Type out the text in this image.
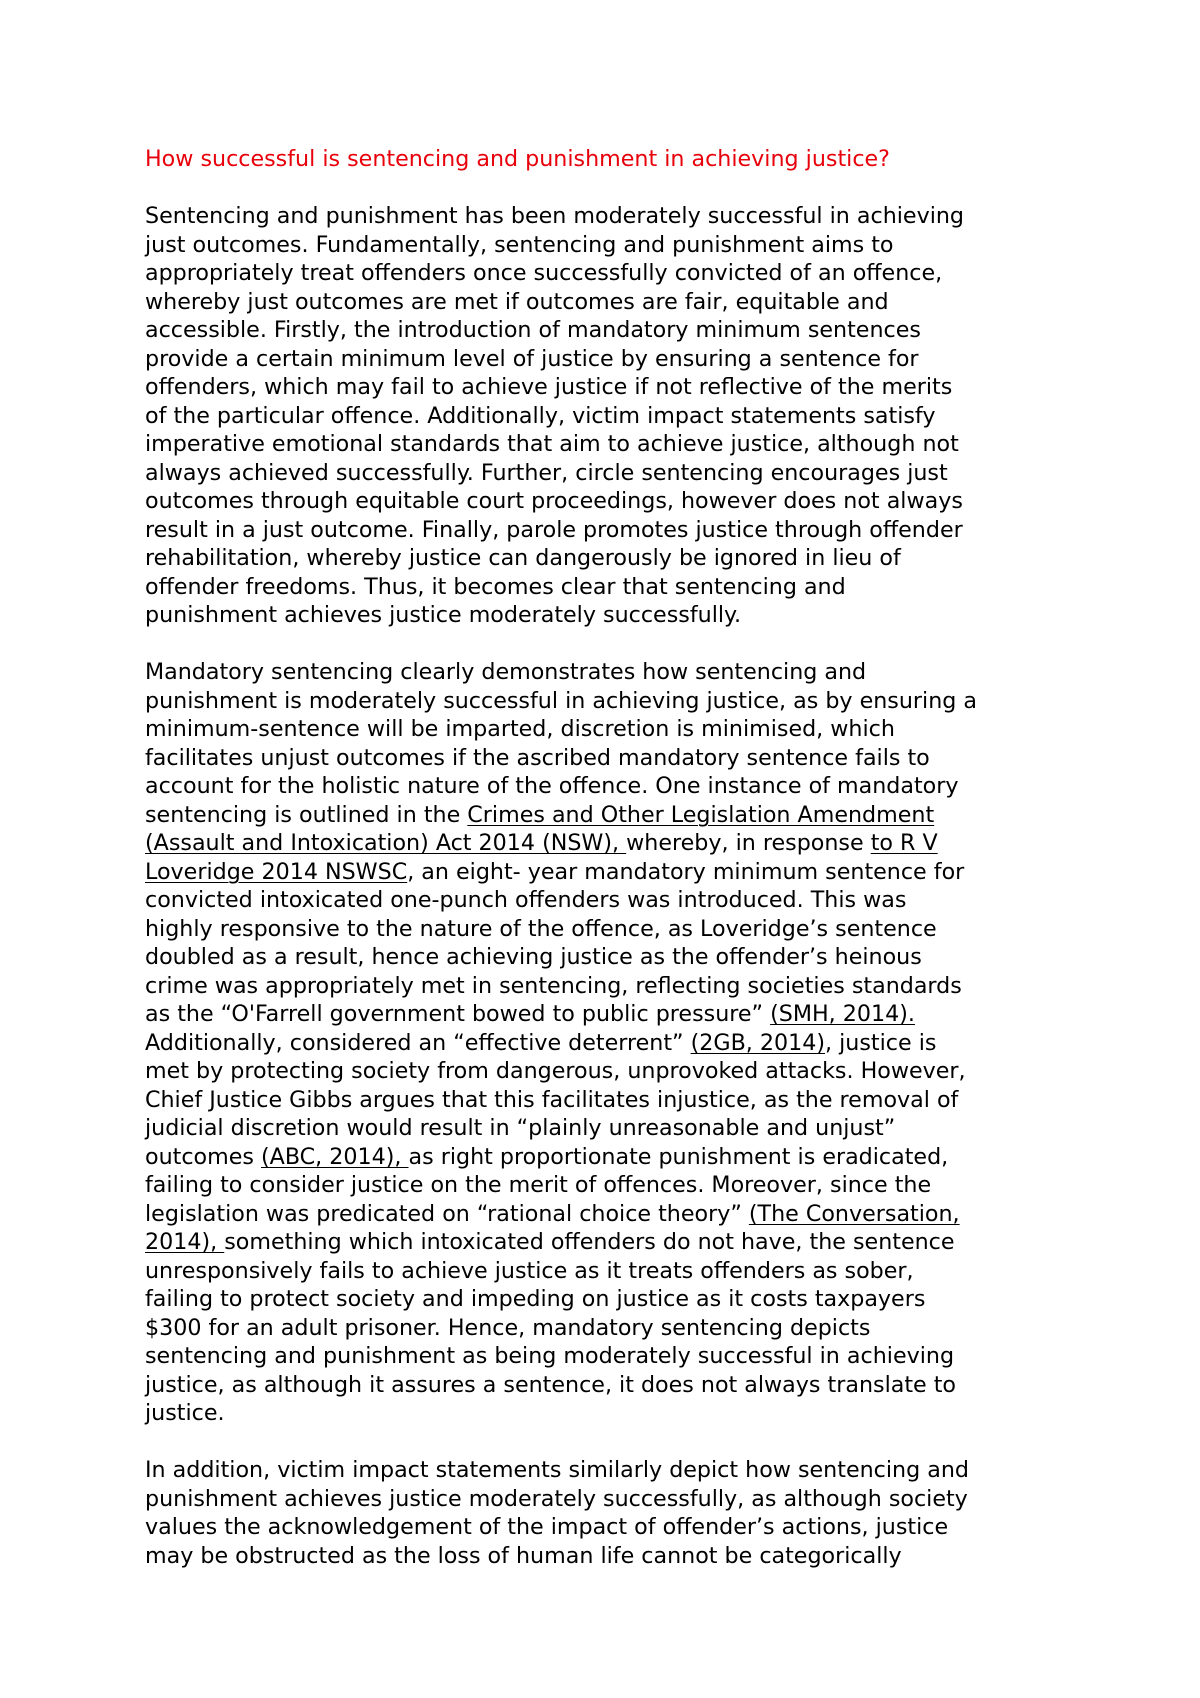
How successful is sentencing and punishment in achieving justice?
Sentencing and punishment has been moderately successful in achieving
just outcomes. Fundamentally, sentencing and punishment aims to
appropriately treat offenders once successfully convicted of an offence,
whereby just outcomes are met if outcomes are fair, equitable and
accessible. Firstly, the introduction of mandatory minimum sentences
provide a certain minimum level of justice by ensuring a sentence for
offenders, which may fail to achieve justice if not reflective of the merits
of the particular offence. Additionally, victim impact statements satisfy
imperative emotional standards that aim to achieve justice, although not
always achieved successfully. Further, circle sentencing encourages just
outcomes through equitable court proceedings, however does not always
result in a just outcome. Finally, parole promotes justice through offender
rehabilitation, whereby justice can dangerously be ignored in lieu of
offender freedoms. Thus, it becomes clear that sentencing and
punishment achieves justice moderately successfully.
Mandatory sentencing clearly demonstrates how sentencing and
punishment is moderately successful in achieving justice, as by ensuring a
minimum-sentence will be imparted, discretion is minimised, which
facilitates unjust outcomes if the ascribed mandatory sentence fails to
account for the holistic nature of the offence. One instance of mandatory
sentencing is outlined in the Crimes and Other Legislation Amendment
(Assault and Intoxication) Act 2014 (NSW), whereby, in response to R V
Loveridge 2014 NSWSC, an eight- year mandatory minimum sentence for
convicted intoxicated one-punch offenders was introduced. This was
highly responsive to the nature of the offence, as Loveridge’s sentence
doubled as a result, hence achieving justice as the offender’s heinous
crime was appropriately met in sentencing, reflecting societies standards
as the “O'Farrell government bowed to public pressure” (SMH, 2014).
Additionally, considered an “effective deterrent” (2GB, 2014), justice is
met by protecting society from dangerous, unprovoked attacks. However,
Chief Justice Gibbs argues that this facilitates injustice, as the removal of
judicial discretion would result in “plainly unreasonable and unjust”
outcomes (ABC, 2014), as right proportionate punishment is eradicated,
failing to consider justice on the merit of offences. Moreover, since the
legislation was predicated on “rational choice theory” (The Conversation,
2014), something which intoxicated offenders do not have, the sentence
unresponsively fails to achieve justice as it treats offenders as sober,
failing to protect society and impeding on justice as it costs taxpayers
$300 for an adult prisoner. Hence, mandatory sentencing depicts
sentencing and punishment as being moderately successful in achieving
justice, as although it assures a sentence, it does not always translate to
justice.
In addition, victim impact statements similarly depict how sentencing and
punishment achieves justice moderately successfully, as although society
values the acknowledgement of the impact of offender’s actions, justice
may be obstructed as the loss of human life cannot be categorically
